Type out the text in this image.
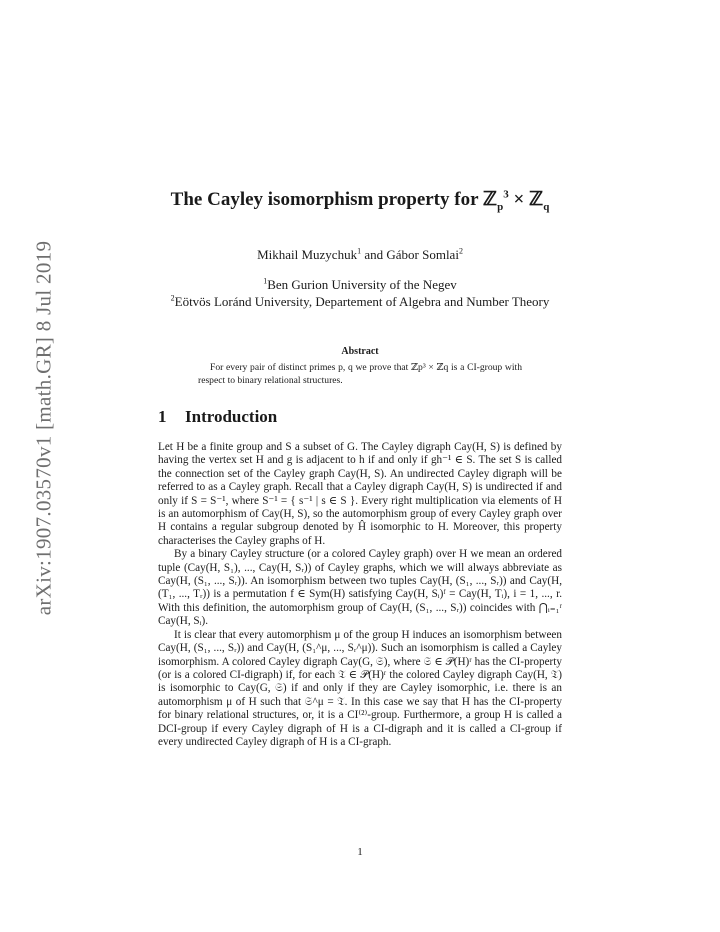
arXiv:1907.03570v1 [math.GR] 8 Jul 2019
The Cayley isomorphism property for ℤ$_p^3$ × ℤ$_q$
Mikhail Muzychuk$^1$ and Gábor Somlai$^2$
$^1$Ben Gurion University of the Negev
$^2$Eötvös Loránd University, Departement of Algebra and Number Theory
Abstract

For every pair of distinct primes p, q we prove that ℤp³ × ℤq is a CI-group with respect to binary relational structures.

1 Introduction

Let H be a finite group and S a subset of G. The Cayley digraph Cay(H, S) is defined by having the vertex set H and g is adjacent to h if and only if gh⁻¹ ∈ S. The set S is called the connection set of the Cayley graph Cay(H, S). An undirected Cayley digraph will be referred to as a Cayley graph. Recall that a Cayley digraph Cay(H, S) is undirected if and only if S = S⁻¹, where S⁻¹ = { s⁻¹ | s ∈ S }. Every right multiplication via elements of H is an automorphism of Cay(H, S), so the automorphism group of every Cayley graph over H contains a regular subgroup denoted by Ĥ isomorphic to H. Moreover, this property characterises the Cayley graphs of H.

By a binary Cayley structure (or a colored Cayley graph) over H we mean an ordered tuple (Cay(H, S₁), ..., Cay(H, Sᵣ)) of Cayley graphs, which we will always abbreviate as Cay(H, (S₁, ..., Sᵣ)). An isomorphism between two tuples Cay(H, (S₁, ..., Sᵣ)) and Cay(H, (T₁, ..., Tᵣ)) is a permutation f ∈ Sym(H) satisfying Cay(H, Sᵢ)ᶠ = Cay(H, Tᵢ), i = 1, ..., r. With this definition, the automorphism group of Cay(H, (S₁, ..., Sᵣ)) coincides with ⋂ᵢ₌₁ʳ Cay(H, Sᵢ).

It is clear that every automorphism μ of the group H induces an isomorphism between Cay(H, (S₁, ..., Sᵣ)) and Cay(H, (S₁^μ, ..., Sᵣ^μ)). Such an isomorphism is called a Cayley isomorphism. A colored Cayley digraph Cay(G, 𝔖), where 𝔖 ∈ 𝒫(H)ʳ has the CI-property (or is a colored CI-digraph) if, for each 𝔗 ∈ 𝒫(H)ʳ the colored Cayley digraph Cay(H, 𝔗) is isomorphic to Cay(G, 𝔖) if and only if they are Cayley isomorphic, i.e. there is an automorphism μ of H such that 𝔖^μ = 𝔗. In this case we say that H has the CI-property for binary relational structures, or, it is a CI⁽²⁾-group. Furthermore, a group H is called a DCI-group if every Cayley digraph of H is a CI-digraph and it is called a CI-group if every undirected Cayley digraph of H is a CI-graph.

1
